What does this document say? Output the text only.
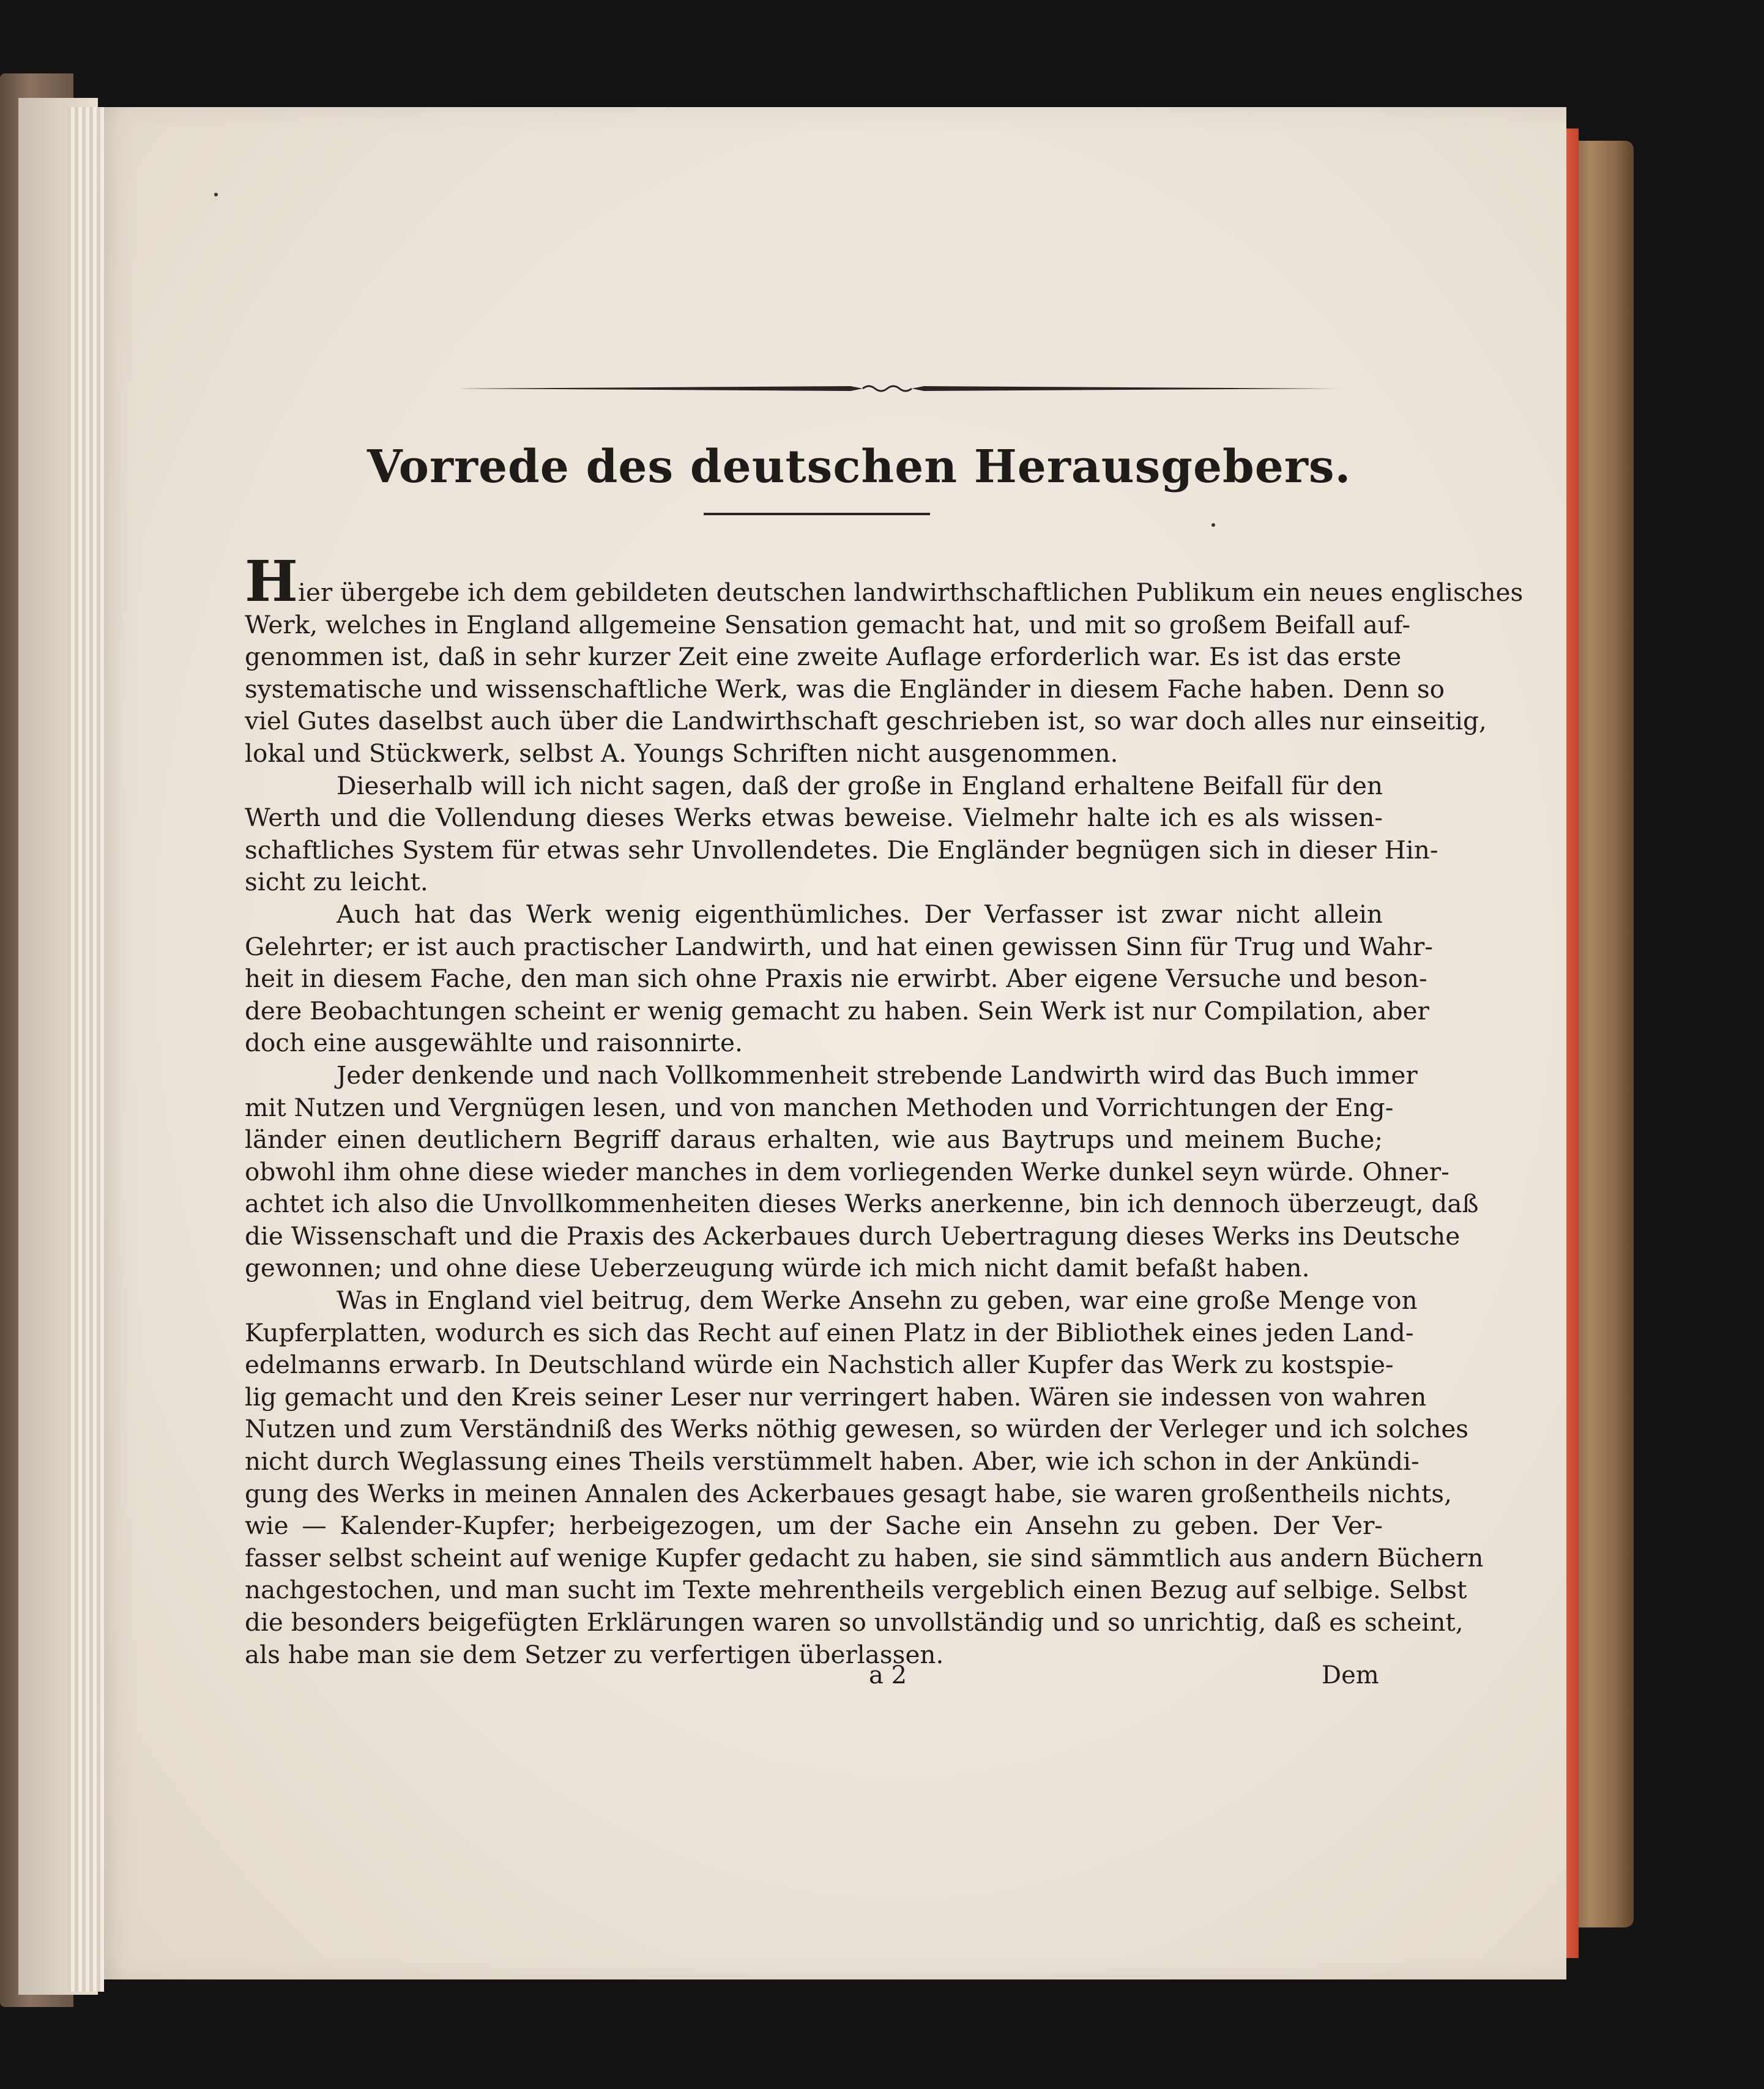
Vorrede des deutschen Herausgebers.
Hier übergebe ich dem gebildeten deutschen landwirthschaftlichen Publikum ein neues englisches
Werk, welches in England allgemeine Sensation gemacht hat, und mit so großem Beifall auf-
genommen ist, daß in sehr kurzer Zeit eine zweite Auflage erforderlich war. Es ist das erste
systematische und wissenschaftliche Werk, was die Engländer in diesem Fache haben. Denn so
viel Gutes daselbst auch über die Landwirthschaft geschrieben ist, so war doch alles nur einseitig,
lokal und Stückwerk, selbst A. Youngs Schriften nicht ausgenommen.
Dieserhalb will ich nicht sagen, daß der große in England erhaltene Beifall für den
Werth und die Vollendung dieses Werks etwas beweise. Vielmehr halte ich es als wissen-
schaftliches System für etwas sehr Unvollendetes. Die Engländer begnügen sich in dieser Hin-
sicht zu leicht.
Auch hat das Werk wenig eigenthümliches. Der Verfasser ist zwar nicht allein
Gelehrter; er ist auch practischer Landwirth, und hat einen gewissen Sinn für Trug und Wahr-
heit in diesem Fache, den man sich ohne Praxis nie erwirbt. Aber eigene Versuche und beson-
dere Beobachtungen scheint er wenig gemacht zu haben. Sein Werk ist nur Compilation, aber
doch eine ausgewählte und raisonnirte.
Jeder denkende und nach Vollkommenheit strebende Landwirth wird das Buch immer
mit Nutzen und Vergnügen lesen, und von manchen Methoden und Vorrichtungen der Eng-
länder einen deutlichern Begriff daraus erhalten, wie aus Baytrups und meinem Buche;
obwohl ihm ohne diese wieder manches in dem vorliegenden Werke dunkel seyn würde. Ohner-
achtet ich also die Unvollkommenheiten dieses Werks anerkenne, bin ich dennoch überzeugt, daß
die Wissenschaft und die Praxis des Ackerbaues durch Uebertragung dieses Werks ins Deutsche
gewonnen; und ohne diese Ueberzeugung würde ich mich nicht damit befaßt haben.
Was in England viel beitrug, dem Werke Ansehn zu geben, war eine große Menge von
Kupferplatten, wodurch es sich das Recht auf einen Platz in der Bibliothek eines jeden Land-
edelmanns erwarb. In Deutschland würde ein Nachstich aller Kupfer das Werk zu kostspie-
lig gemacht und den Kreis seiner Leser nur verringert haben. Wären sie indessen von wahren
Nutzen und zum Verständniß des Werks nöthig gewesen, so würden der Verleger und ich solches
nicht durch Weglassung eines Theils verstümmelt haben. Aber, wie ich schon in der Ankündi-
gung des Werks in meinen Annalen des Ackerbaues gesagt habe, sie waren großentheils nichts,
wie — Kalender-Kupfer; herbeigezogen, um der Sache ein Ansehn zu geben. Der Ver-
fasser selbst scheint auf wenige Kupfer gedacht zu haben, sie sind sämmtlich aus andern Büchern
nachgestochen, und man sucht im Texte mehrentheils vergeblich einen Bezug auf selbige. Selbst
die besonders beigefügten Erklärungen waren so unvollständig und so unrichtig, daß es scheint,
als habe man sie dem Setzer zu verfertigen überlassen.
a 2	Dem
